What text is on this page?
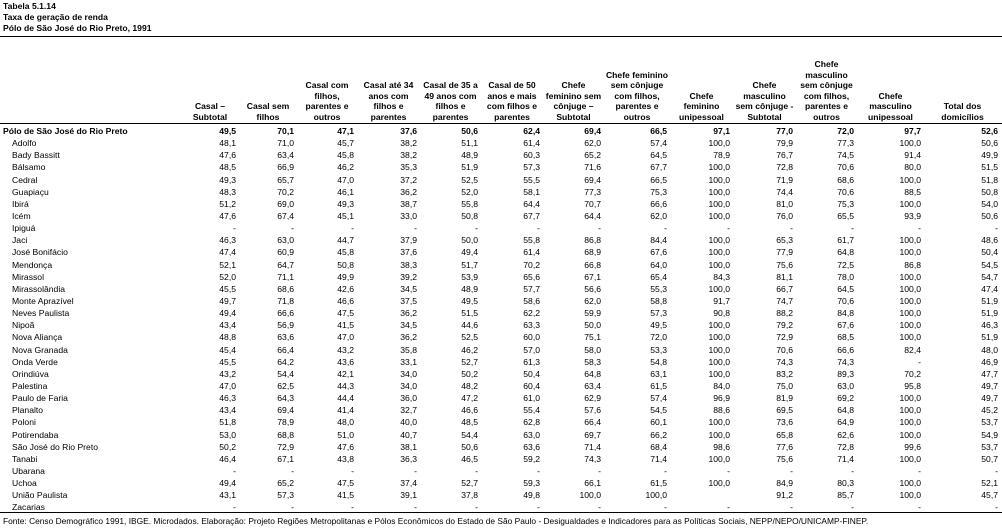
Tabela 5.1.14
Taxa de geração de renda
Pólo de São José do Rio Preto, 1991
	Casal – Subtotal	Casal sem filhos	Casal com filhos, parentes e outros	Casal até 34 anos com filhos e parentes	Casal de 35 a 49 anos com filhos e parentes	Casal de 50 anos e mais com filhos e parentes	Chefe feminino sem cônjuge – Subtotal	Chefe feminino sem cônjuge com filhos, parentes e outros	Chefe feminino unipessoal	Chefe masculino sem cônjuge - Subtotal	Chefe masculino sem cônjuge com filhos, parentes e outros	Chefe masculino unipessoal	Total dos domicílios

Pólo de São José do Rio Preto	49,5	70,1	47,1	37,6	50,6	62,4	69,4	66,5	97,1	77,0	72,0	97,7	52,6
Adolfo	48,1	71,0	45,7	38,2	51,1	61,4	62,0	57,4	100,0	79,9	77,3	100,0	50,6
Bady Bassitt	47,6	63,4	45,8	38,2	48,9	60,3	65,2	64,5	78,9	76,7	74,5	91,4	49,9
Bálsamo	48,5	66,9	46,2	35,3	51,9	57,3	71,6	67,7	100,0	72,8	70,6	80,0	51,5
Cedral	49,3	65,7	47,0	37,2	52,5	55,5	69,4	66,5	100,0	71,9	68,6	100,0	51,8
Guapiaçu	48,3	70,2	46,1	36,2	52,0	58,1	77,3	75,3	100,0	74,4	70,6	88,5	50,8
Ibirá	51,2	69,0	49,3	38,7	55,8	64,4	70,7	66,6	100,0	81,0	75,3	100,0	54,0
Icém	47,6	67,4	45,1	33,0	50,8	67,7	64,4	62,0	100,0	76,0	65,5	93,9	50,6
Ipiguá	-	-	-	-	-	-	-	-	-	-	-	-	-
Jaci	46,3	63,0	44,7	37,9	50,0	55,8	86,8	84,4	100,0	65,3	61,7	100,0	48,6
José Bonifácio	47,4	60,9	45,8	37,6	49,4	61,4	68,9	67,6	100,0	77,9	64,8	100,0	50,4
Mendonça	52,1	64,7	50,8	38,3	51,7	70,2	66,8	64,0	100,0	75,6	72,5	86,8	54,5
Mirassol	52,0	71,1	49,9	39,2	53,9	65,6	67,1	65,4	84,3	81,1	78,0	100,0	54,7
Mirassolândia	45,5	68,6	42,6	34,5	48,9	57,7	56,6	55,3	100,0	66,7	64,5	100,0	47,4
Monte Aprazível	49,7	71,8	46,6	37,5	49,5	58,6	62,0	58,8	91,7	74,7	70,6	100,0	51,9
Neves Paulista	49,4	66,6	47,5	36,2	51,5	62,2	59,9	57,3	90,8	88,2	84,8	100,0	51,9
Nipoã	43,4	56,9	41,5	34,5	44,6	63,3	50,0	49,5	100,0	79,2	67,6	100,0	46,3
Nova Aliança	48,8	63,6	47,0	36,2	52,5	60,0	75,1	72,0	100,0	72,9	68,5	100,0	51,9
Nova Granada	45,4	66,4	43,2	35,8	46,2	57,0	58,0	53,3	100,0	70,6	66,6	82,4	48,0
Onda Verde	45,5	64,2	43,6	33,1	52,7	61,3	58,3	54,8	100,0	74,3	74,3	-	46,9
Orindiúva	43,2	54,4	42,1	34,0	50,2	50,4	64,8	63,1	100,0	83,2	89,3	70,2	47,7
Palestina	47,0	62,5	44,3	34,0	48,2	60,4	63,4	61,5	84,0	75,0	63,0	95,8	49,7
Paulo de Faria	46,3	64,3	44,4	36,0	47,2	61,0	62,9	57,4	96,9	81,9	69,2	100,0	49,7
Planalto	43,4	69,4	41,4	32,7	46,6	55,4	57,6	54,5	88,6	69,5	64,8	100,0	45,2
Poloni	51,8	78,9	48,0	40,0	48,5	62,8	66,4	60,1	100,0	73,6	64,9	100,0	53,7
Potirendaba	53,0	68,8	51,0	40,7	54,4	63,0	69,7	66,2	100,0	65,8	62,6	100,0	54,9
São José do Rio Preto	50,2	72,9	47,6	38,1	50,6	63,6	71,4	68,4	98,6	77,6	72,8	99,6	53,7
Tanabi	46,4	67,1	43,8	36,3	46,5	59,2	74,3	71,4	100,0	75,6	71,4	100,0	50,7
Ubarana	-	-	-	-	-	-	-	-	-	-	-	-	-
Uchoa	49,4	65,2	47,5	37,4	52,7	59,3	66,1	61,5	100,0	84,9	80,3	100,0	52,1
União Paulista	43,1	57,3	41,5	39,1	37,8	49,8	100,0	100,0		91,2	85,7	100,0	45,7
Zacarias	-	-	-	-	-	-	-	-	-	-	-	-	-
Fonte: Censo Demográfico 1991, IBGE. Microdados. Elaboração: Projeto Regiões Metropolitanas e Pólos Econômicos do Estado de São Paulo - Desigualdades e Indicadores para as Políticas Sociais, NEPP/NEPO/UNICAMP-FINEP.
